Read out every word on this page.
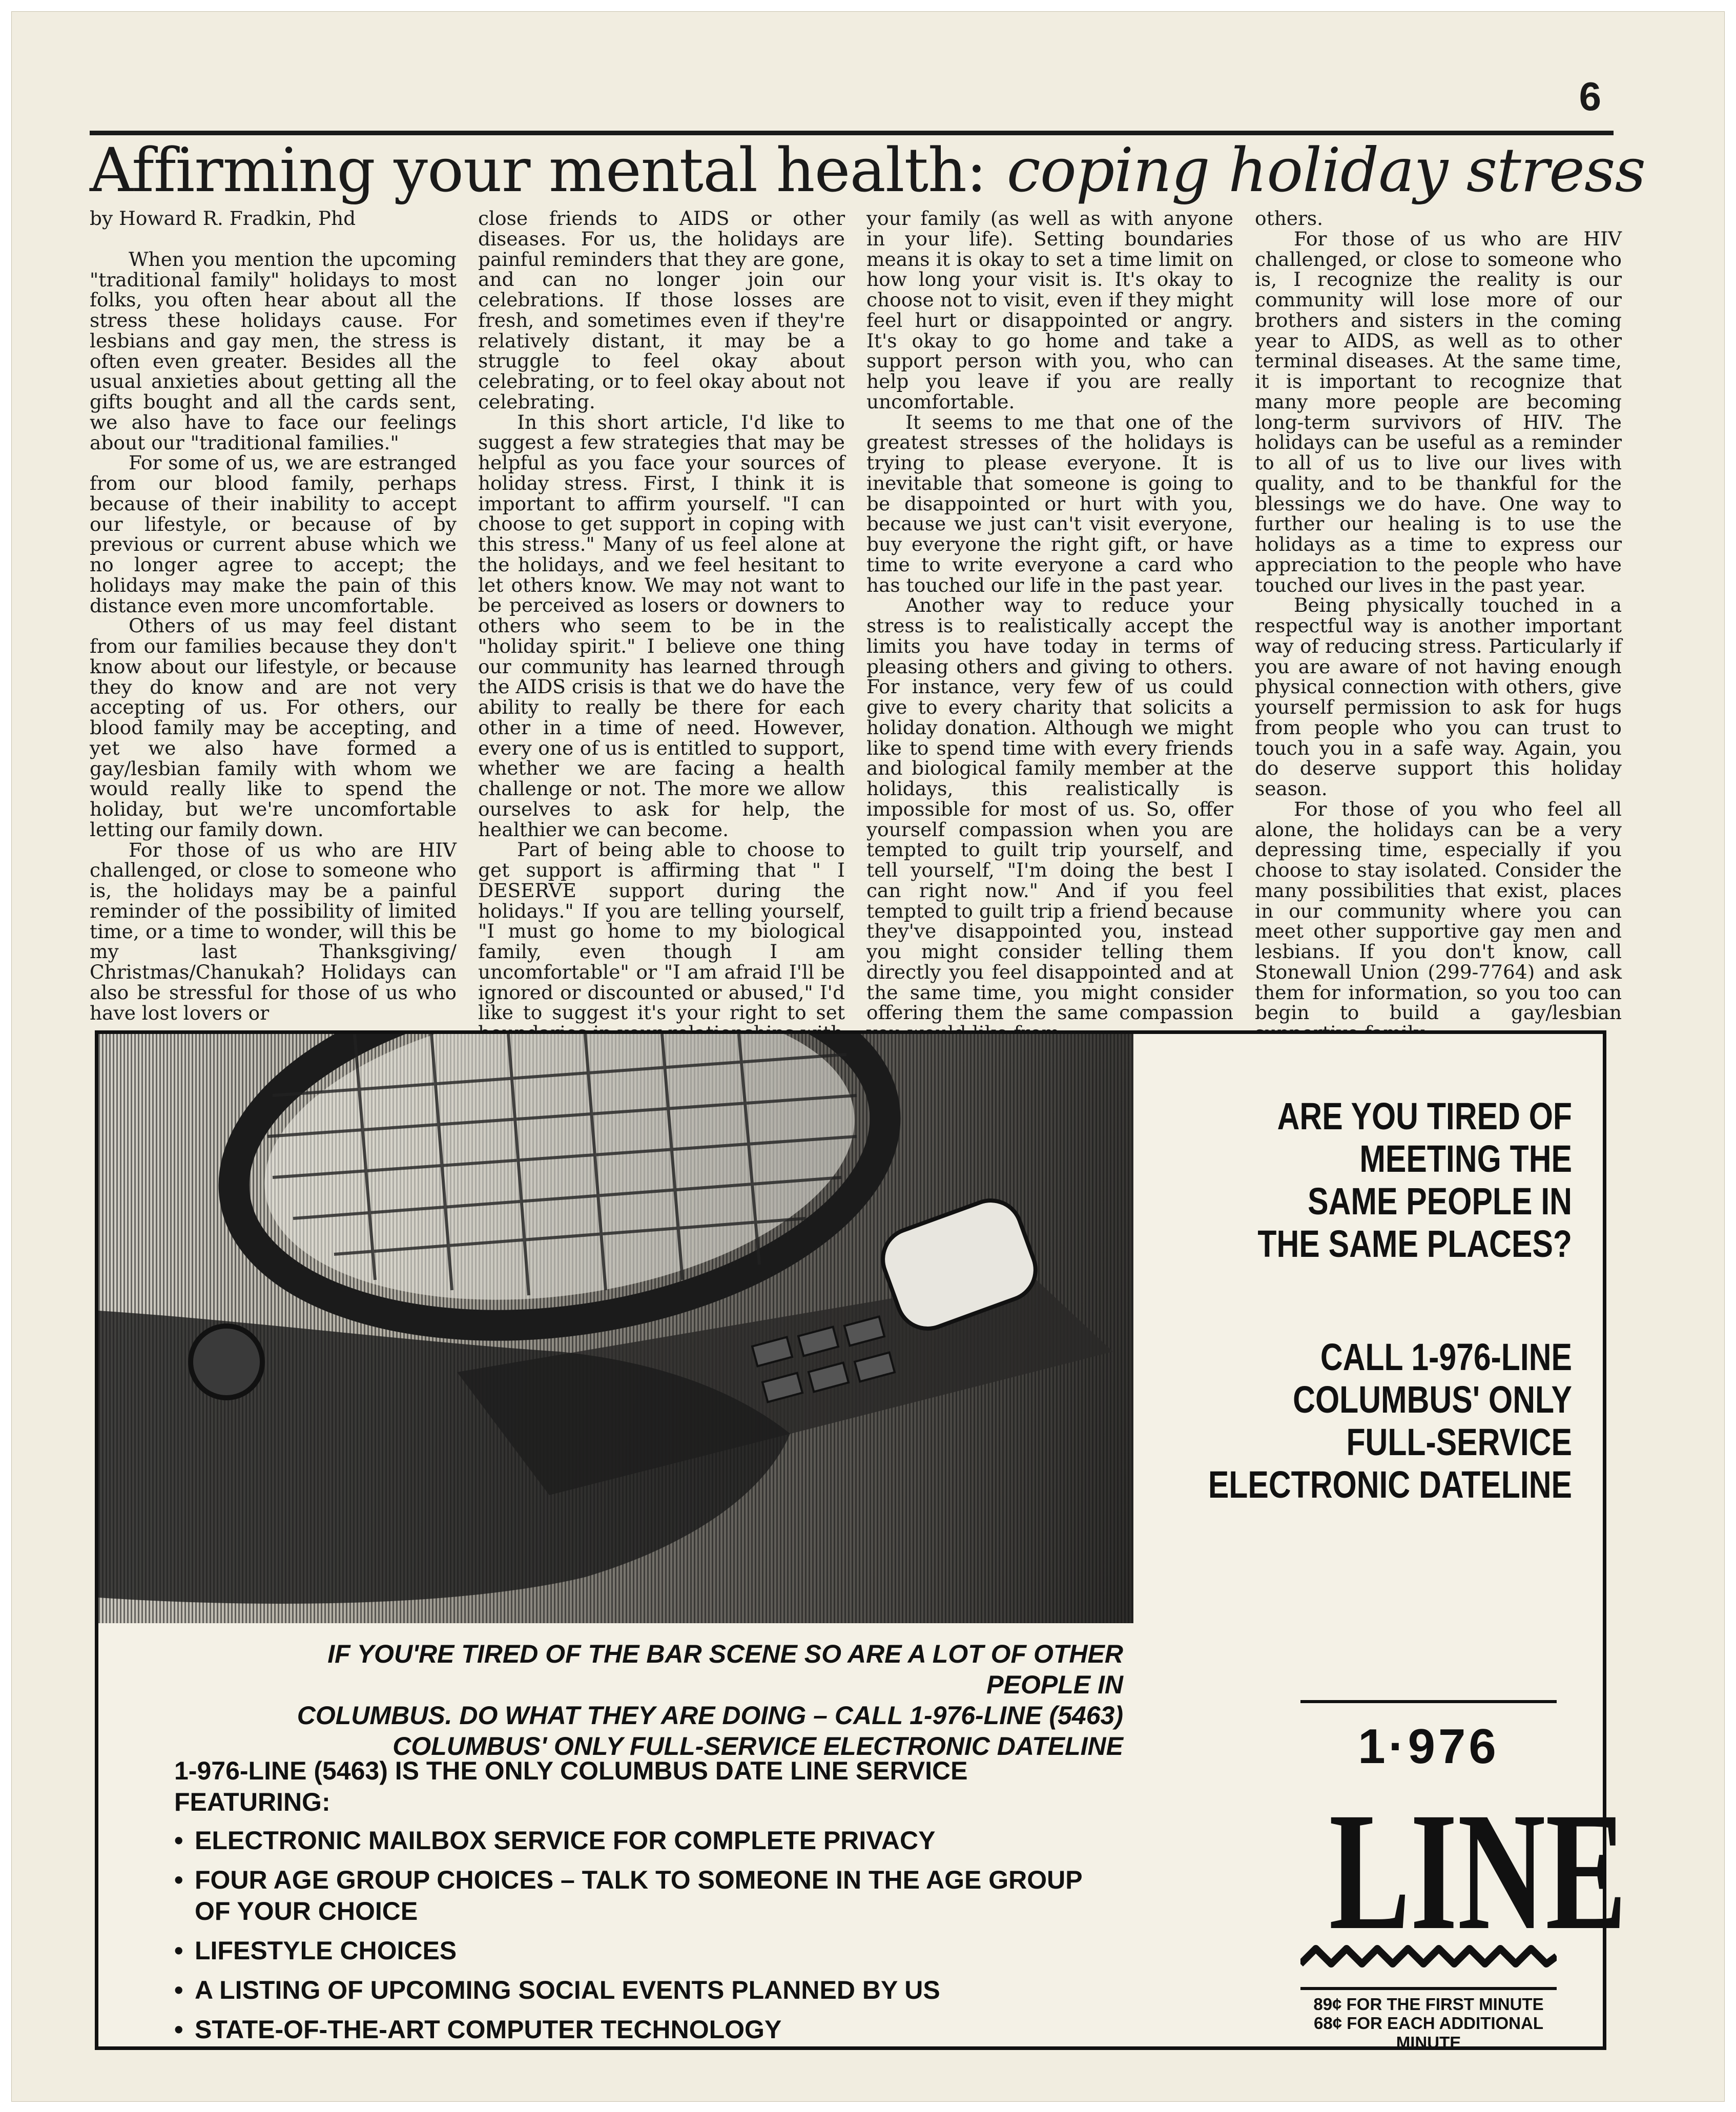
6
Affirming your mental health: coping holiday stress
by Howard R. Fradkin, Phd

When you mention the upcoming "traditional family" holidays to most folks, you often hear about all the stress these holidays cause. For lesbians and gay men, the stress is often even greater. Besides all the usual anxieties about getting all the gifts bought and all the cards sent, we also have to face our feelings about our "traditional families."

For some of us, we are estranged from our blood family, perhaps because of their inability to accept our lifestyle, or because of by previous or current abuse which we no longer agree to accept; the holidays may make the pain of this distance even more uncomfortable.

Others of us may feel distant from our families because they don't know about our lifestyle, or because they do know and are not very accepting of us. For others, our blood family may be accepting, and yet we also have formed a gay/lesbian family with whom we would really like to spend the holiday, but we're uncomfortable letting our family down.

For those of us who are HIV challenged, or close to someone who is, the holidays may be a painful reminder of the possibility of limited time, or a time to wonder, will this be my last Thanksgiving/ Christmas/Chanukah? Holidays can also be stressful for those of us who have lost lovers or

close friends to AIDS or other diseases. For us, the holidays are painful reminders that they are gone, and can no longer join our celebrations. If those losses are fresh, and sometimes even if they're relatively distant, it may be a struggle to feel okay about celebrating, or to feel okay about not celebrating.

In this short article, I'd like to suggest a few strategies that may be helpful as you face your sources of holiday stress. First, I think it is important to affirm yourself. "I can choose to get support in coping with this stress." Many of us feel alone at the holidays, and we feel hesitant to let others know. We may not want to be perceived as losers or downers to others who seem to be in the "holiday spirit." I believe one thing our community has learned through the AIDS crisis is that we do have the ability to really be there for each other in a time of need. However, every one of us is entitled to support, whether we are facing a health challenge or not. The more we allow ourselves to ask for help, the healthier we can become.

Part of being able to choose to get support is affirming that " I DESERVE support during the holidays." If you are telling yourself, "I must go home to my biological family, even though I am uncomfortable" or "I am afraid I'll be ignored or discounted or abused," I'd like to suggest it's your right to set

your family (as well as with anyone in your life). Setting boundaries means it is okay to set a time limit on how long your visit is. It's okay to choose not to visit, even if they might feel hurt or disappointed or angry. It's okay to go home and take a support person with you, who can help you leave if you are really uncomfortable.

It seems to me that one of the greatest stresses of the holidays is trying to please everyone. It is inevitable that someone is going to be disappointed or hurt with you, because we just can't visit everyone, buy everyone the right gift, or have time to write everyone a card who has touched our life in the past year.

Another way to reduce your stress is to realistically accept the limits you have today in terms of pleasing others and giving to others. For instance, very few of us could give to every charity that solicits a holiday donation. Although we might like to spend time with every friends and biological family member at the holidays, this realistically is impossible for most of us. So, offer yourself compassion when you are tempted to guilt trip yourself, and tell yourself, "I'm doing the best I can right now." And if you feel tempted to guilt trip a friend because they've disappointed you, instead you might consider telling them directly you feel disappointed and at the same time, you might consider offering them the same compassion

others.

For those of us who are HIV challenged, or close to someone who is, I recognize the reality is our community will lose more of our brothers and sisters in the coming year to AIDS, as well as to other terminal diseases. At the same time, it is important to recognize that many more people are becoming long-term survivors of HIV. The holidays can be useful as a reminder to all of us to live our lives with quality, and to be thankful for the blessings we do have. One way to further our healing is to use the holidays as a time to express our appreciation to the people who have touched our lives in the past year.

Being physically touched in a respectful way is another important way of reducing stress. Particularly if you are aware of not having enough physical connection with others, give yourself permission to ask for hugs from people who you can trust to touch you in a safe way. Again, you do deserve support this holiday season.

For those of you who feel all alone, the holidays can be a very depressing time, especially if you choose to stay isolated. Consider the many possibilities that exist, places in our community where you can meet other supportive gay men and lesbians. If you don't know, call Stonewall Union (299-7764) and ask them for information, so you too can begin to build a gay/lesbian

ARE YOU TIRED OF
MEETING THE
SAME PEOPLE IN
THE SAME PLACES?
CALL 1-976-LINE
COLUMBUS' ONLY
FULL-SERVICE
ELECTRONIC DATELINE
IF YOU'RE TIRED OF THE BAR SCENE SO ARE A LOT OF OTHER PEOPLE IN
COLUMBUS. DO WHAT THEY ARE DOING – CALL 1-976-LINE (5463)
COLUMBUS' ONLY FULL-SERVICE ELECTRONIC DATELINE
1-976-LINE (5463) IS THE ONLY COLUMBUS DATE LINE SERVICE FEATURING:
• ELECTRONIC MAILBOX SERVICE FOR COMPLETE PRIVACY
• FOUR AGE GROUP CHOICES – TALK TO SOMEONE IN THE AGE GROUP OF YOUR CHOICE
• LIFESTYLE CHOICES
• A LISTING OF UPCOMING SOCIAL EVENTS PLANNED BY US
• STATE-OF-THE-ART COMPUTER TECHNOLOGY
1·976
LINE
89¢ FOR THE FIRST MINUTE
68¢ FOR EACH ADDITIONAL MINUTE
